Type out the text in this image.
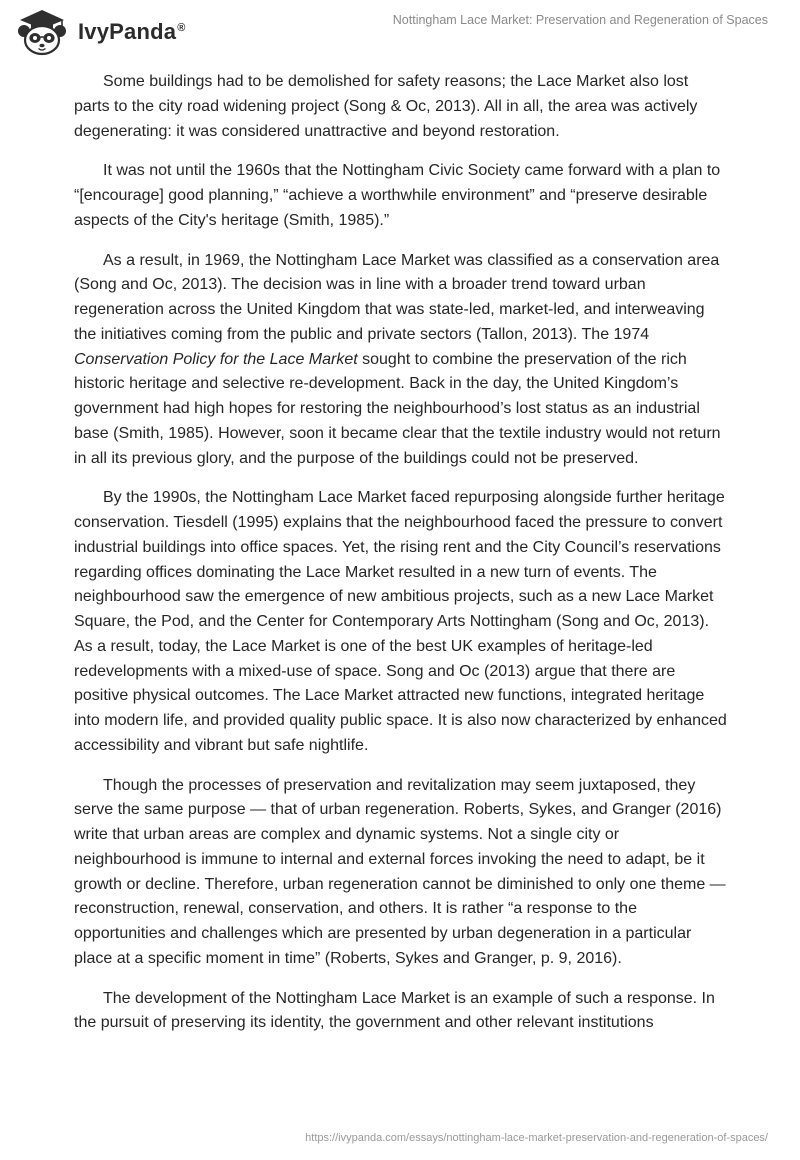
IvyPanda®
Nottingham Lace Market: Preservation and Regeneration of Spaces

Some buildings had to be demolished for safety reasons; the Lace Market also lost parts to the city road widening project (Song & Oc, 2013). All in all, the area was actively degenerating: it was considered unattractive and beyond restoration.

It was not until the 1960s that the Nottingham Civic Society came forward with a plan to “[encourage] good planning,” “achieve a worthwhile environment” and “preserve desirable aspects of the City's heritage (Smith, 1985).”

As a result, in 1969, the Nottingham Lace Market was classified as a conservation area (Song and Oc, 2013). The decision was in line with a broader trend toward urban regeneration across the United Kingdom that was state-led, market-led, and interweaving the initiatives coming from the public and private sectors (Tallon, 2013). The 1974 Conservation Policy for the Lace Market sought to combine the preservation of the rich historic heritage and selective re-development. Back in the day, the United Kingdom’s government had high hopes for restoring the neighbourhood’s lost status as an industrial base (Smith, 1985). However, soon it became clear that the textile industry would not return in all its previous glory, and the purpose of the buildings could not be preserved.

By the 1990s, the Nottingham Lace Market faced repurposing alongside further heritage conservation. Tiesdell (1995) explains that the neighbourhood faced the pressure to convert industrial buildings into office spaces. Yet, the rising rent and the City Council’s reservations regarding offices dominating the Lace Market resulted in a new turn of events. The neighbourhood saw the emergence of new ambitious projects, such as a new Lace Market Square, the Pod, and the Center for Contemporary Arts Nottingham (Song and Oc, 2013). As a result, today, the Lace Market is one of the best UK examples of heritage-led redevelopments with a mixed-use of space. Song and Oc (2013) argue that there are positive physical outcomes. The Lace Market attracted new functions, integrated heritage into modern life, and provided quality public space. It is also now characterized by enhanced accessibility and vibrant but safe nightlife.

Though the processes of preservation and revitalization may seem juxtaposed, they serve the same purpose — that of urban regeneration. Roberts, Sykes, and Granger (2016) write that urban areas are complex and dynamic systems. Not a single city or neighbourhood is immune to internal and external forces invoking the need to adapt, be it growth or decline. Therefore, urban regeneration cannot be diminished to only one theme — reconstruction, renewal, conservation, and others. It is rather “a response to the opportunities and challenges which are presented by urban degeneration in a particular place at a specific moment in time” (Roberts, Sykes and Granger, p. 9, 2016).

The development of the Nottingham Lace Market is an example of such a response. In the pursuit of preserving its identity, the government and other relevant institutions

https://ivypanda.com/essays/nottingham-lace-market-preservation-and-regeneration-of-spaces/
